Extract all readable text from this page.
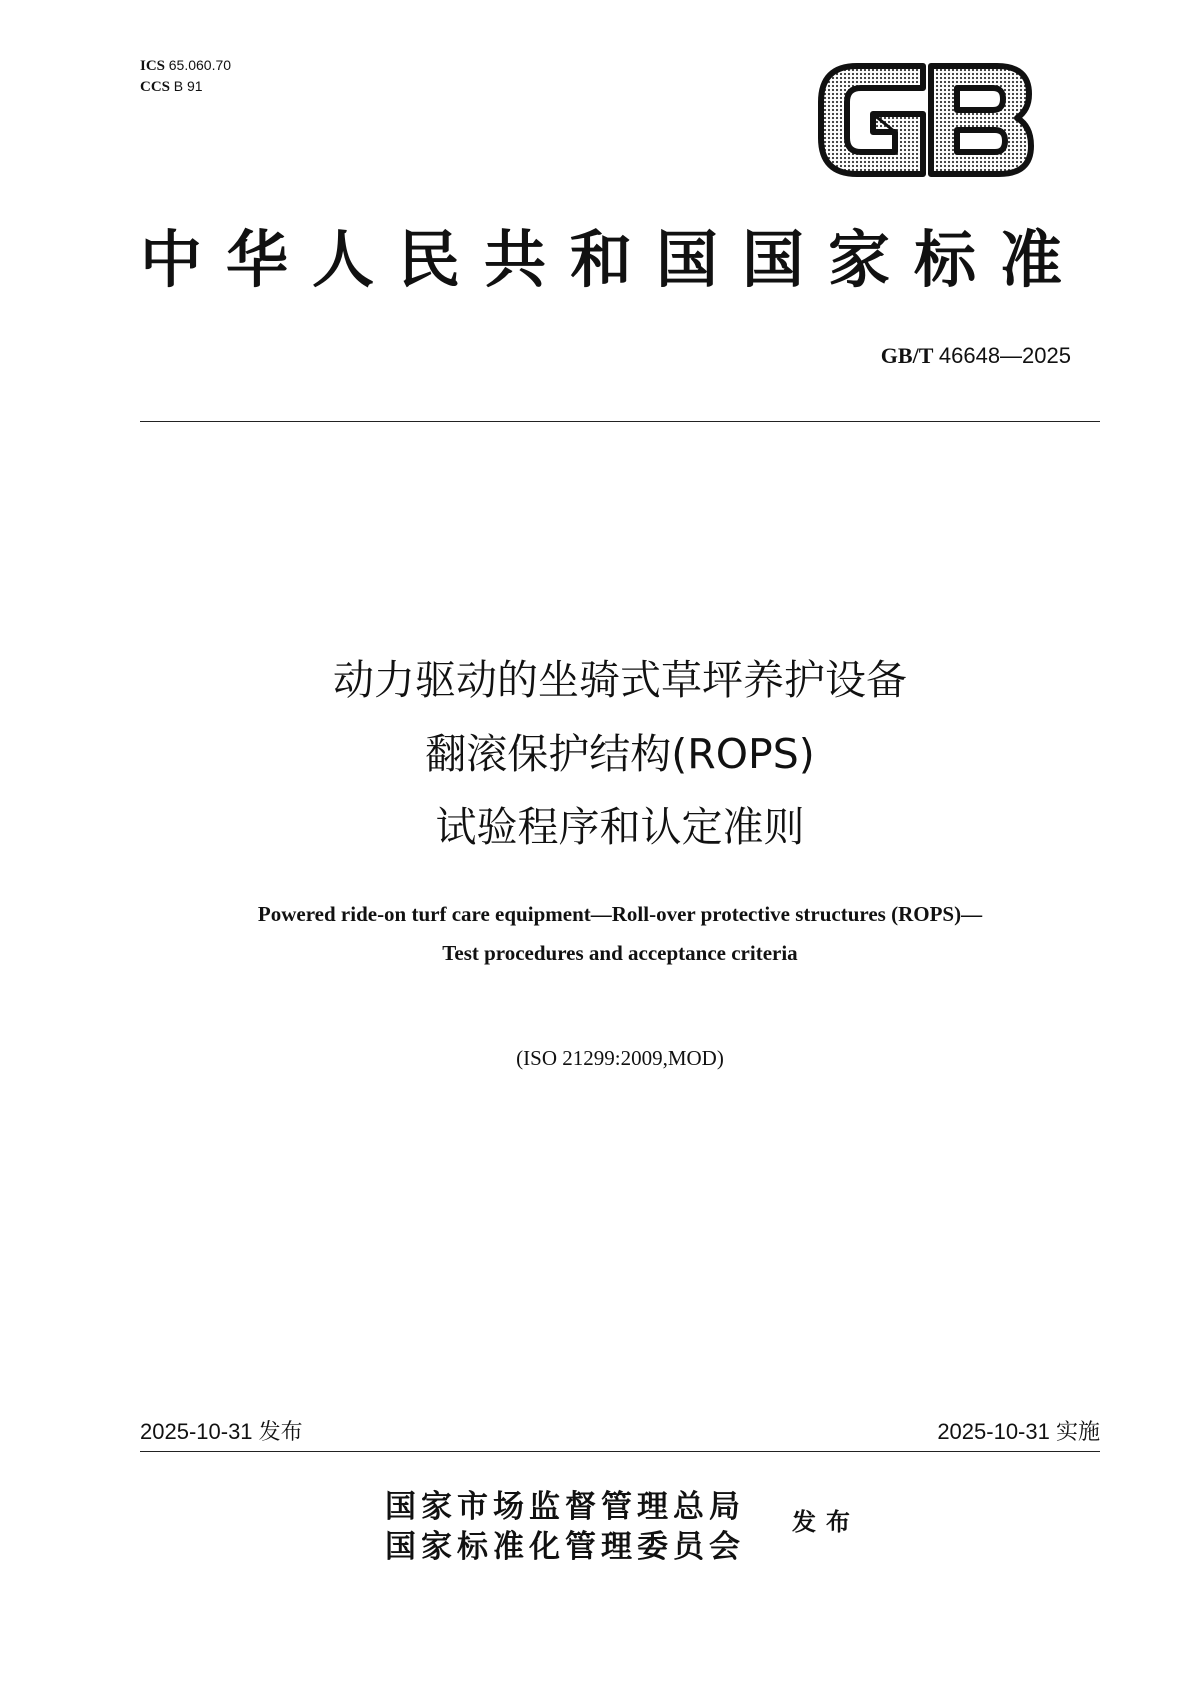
ICS 65.060.70
CCS B 91
中华人民共和国国家标准
GB/T 46648—2025
动力驱动的坐骑式草坪养护设备
翻滚保护结构(ROPS)
试验程序和认定准则
Powered ride-on turf care equipment—Roll-over protective structures (ROPS)—
Test procedures and acceptance criteria
(ISO 21299:2009,MOD)
2025-10-31 发布	2025-10-31 实施
国家市场监督管理总局
国家标准化管理委员会
发布
